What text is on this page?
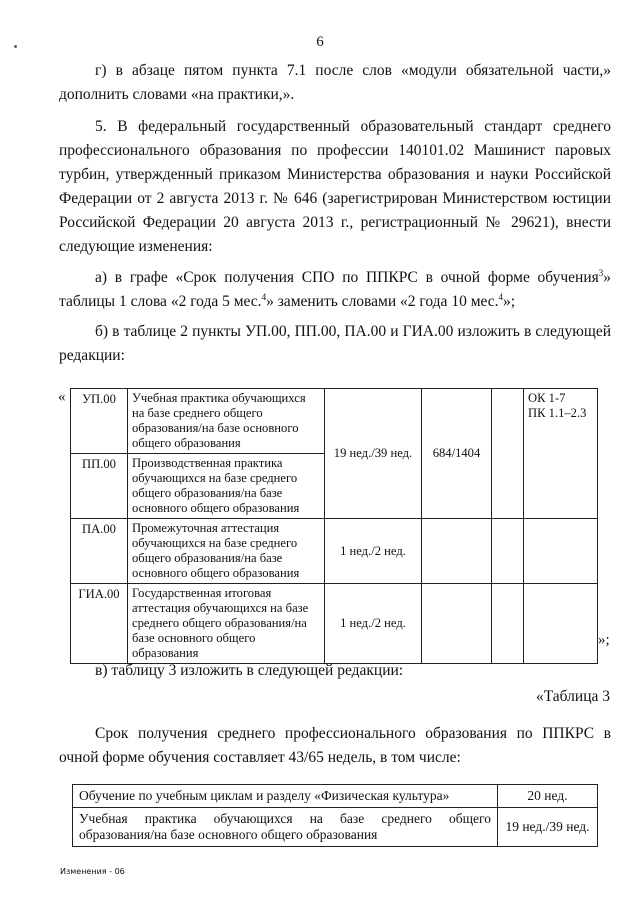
6

г) в абзаце пятом пункта 7.1 после слов «модули обязательной части,» дополнить словами «на практики,».

5. В федеральный государственный образовательный стандарт среднего профессионального образования по профессии 140101.02 Машинист паровых турбин, утвержденный приказом Министерства образования и науки Российской Федерации от 2 августа 2013 г. № 646 (зарегистрирован Министерством юстиции Российской Федерации 20 августа 2013 г., регистрационный № 29621), внести следующие изменения:

а) в графе «Срок получения СПО по ППКРС в очной форме обучения$^3$» таблицы 1 слова «2 года 5 мес.$^4$» заменить словами «2 года 10 мес.$^4$»;

б) в таблице 2 пункты УП.00, ПП.00, ПА.00 и ГИА.00 изложить в следующей редакции:

« УП.00	Учебная практика обучающихся на базе среднего общего образования/на базе основного общего образования	19 нед./39 нед.	684/1404		ОК 1-7
ПК 1.1–2.3

ПП.00	Производственная практика обучающихся на базе среднего общего образования/на базе основного общего образования				
ПА.00	Промежуточная аттестация обучающихся на базе среднего общего образования/на базе основного общего образования	1 нед./2 нед.			
ГИА.00	Государственная итоговая аттестация обучающихся на базе среднего общего образования/на базе основного общего образования	1 нед./2 нед.			
»;

в) таблицу 3 изложить в следующей редакции:

«Таблица 3

Срок получения среднего профессионального образования по ППКРС в очной форме обучения составляет 43/65 недель, в том числе:

Обучение по учебным циклам и разделу «Физическая культура»	20 нед.

Учебная практика обучающихся на базе среднего общего
образования/на базе основного общего образования	19 нед./39 нед.
Изменения - 06
